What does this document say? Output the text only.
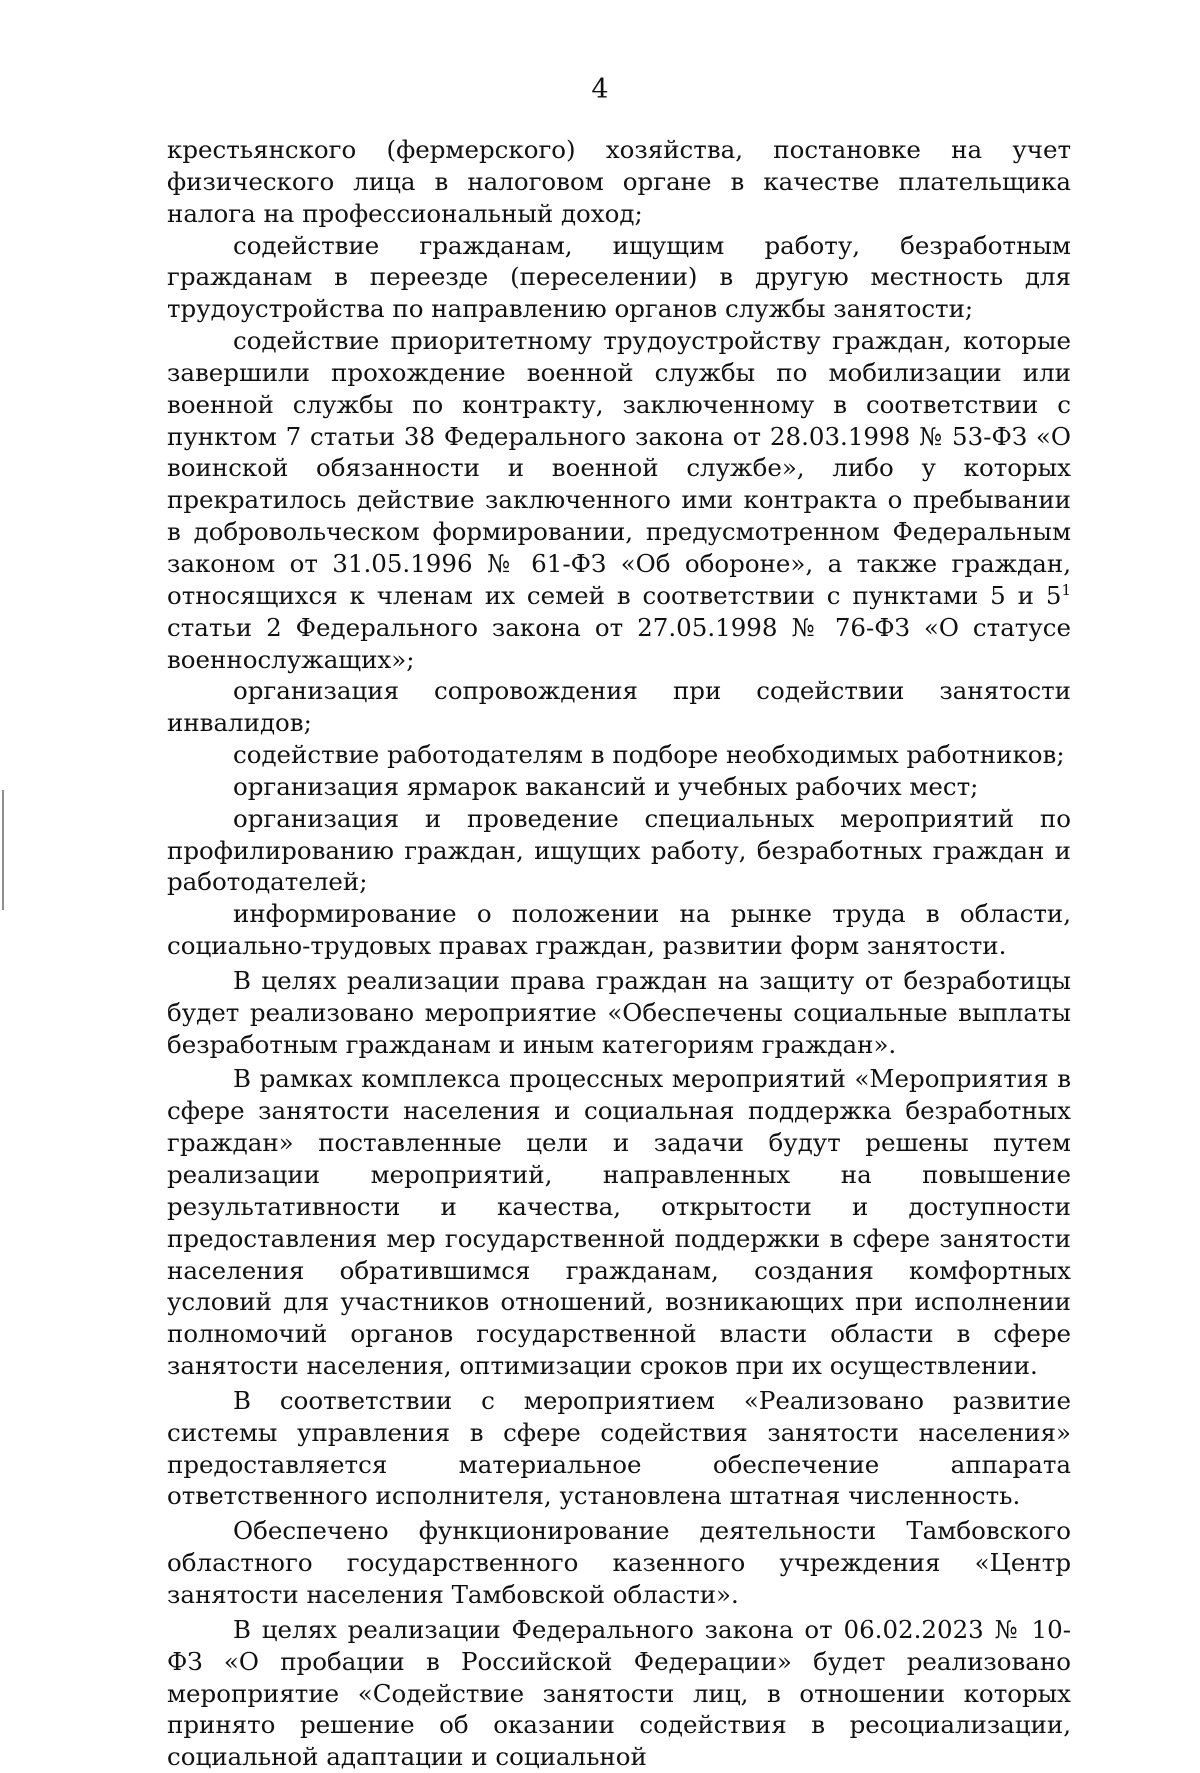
4

крестьянского (фермерского) хозяйства, постановке на учет физического лица в налоговом органе в качестве плательщика налога на профессиональный доход;

содействие гражданам, ищущим работу, безработным гражданам в переезде (переселении) в другую местность для трудоустройства по направлению органов службы занятости;

содействие приоритетному трудоустройству граждан, которые завершили прохождение военной службы по мобилизации или военной службы по контракту, заключенному в соответствии с пунктом 7 статьи 38 Федерального закона от 28.03.1998 № 53-ФЗ «О воинской обязанности и военной службе», либо у которых прекратилось действие заключенного ими контракта о пребывании в добровольческом формировании, предусмотренном Федеральным законом от 31.05.1996 № 61-ФЗ «Об обороне», а также граждан, относящихся к членам их семей в соответствии с пунктами 5 и $5^1$ статьи 2 Федерального закона от 27.05.1998 № 76-ФЗ «О статусе военнослужащих»;

организация сопровождения при содействии занятости инвалидов;

содействие работодателям в подборе необходимых работников;

организация ярмарок вакансий и учебных рабочих мест;

организация и проведение специальных мероприятий по профилированию граждан, ищущих работу, безработных граждан и работодателей;

информирование о положении на рынке труда в области, социально-трудовых правах граждан, развитии форм занятости.

В целях реализации права граждан на защиту от безработицы будет реализовано мероприятие «Обеспечены социальные выплаты безработным гражданам и иным категориям граждан».

В рамках комплекса процессных мероприятий «Мероприятия в сфере занятости населения и социальная поддержка безработных граждан» поставленные цели и задачи будут решены путем реализации мероприятий, направленных на повышение результативности и качества, открытости и доступности предоставления мер государственной поддержки в сфере занятости населения обратившимся гражданам, создания комфортных условий для участников отношений, возникающих при исполнении полномочий органов государственной власти области в сфере занятости населения, оптимизации сроков при их осуществлении.

В соответствии с мероприятием «Реализовано развитие системы управления в сфере содействия занятости населения» предоставляется материальное обеспечение аппарата ответственного исполнителя, установлена штатная численность.

Обеспечено функционирование деятельности Тамбовского областного государственного казенного учреждения «Центр занятости населения Тамбовской области».

В целях реализации Федерального закона от 06.02.2023 № 10-ФЗ «О пробации в Российской Федерации» будет реализовано мероприятие «Содействие занятости лиц, в отношении которых принято решение об оказании содействия в ресоциализации, социальной адаптации и социальной
